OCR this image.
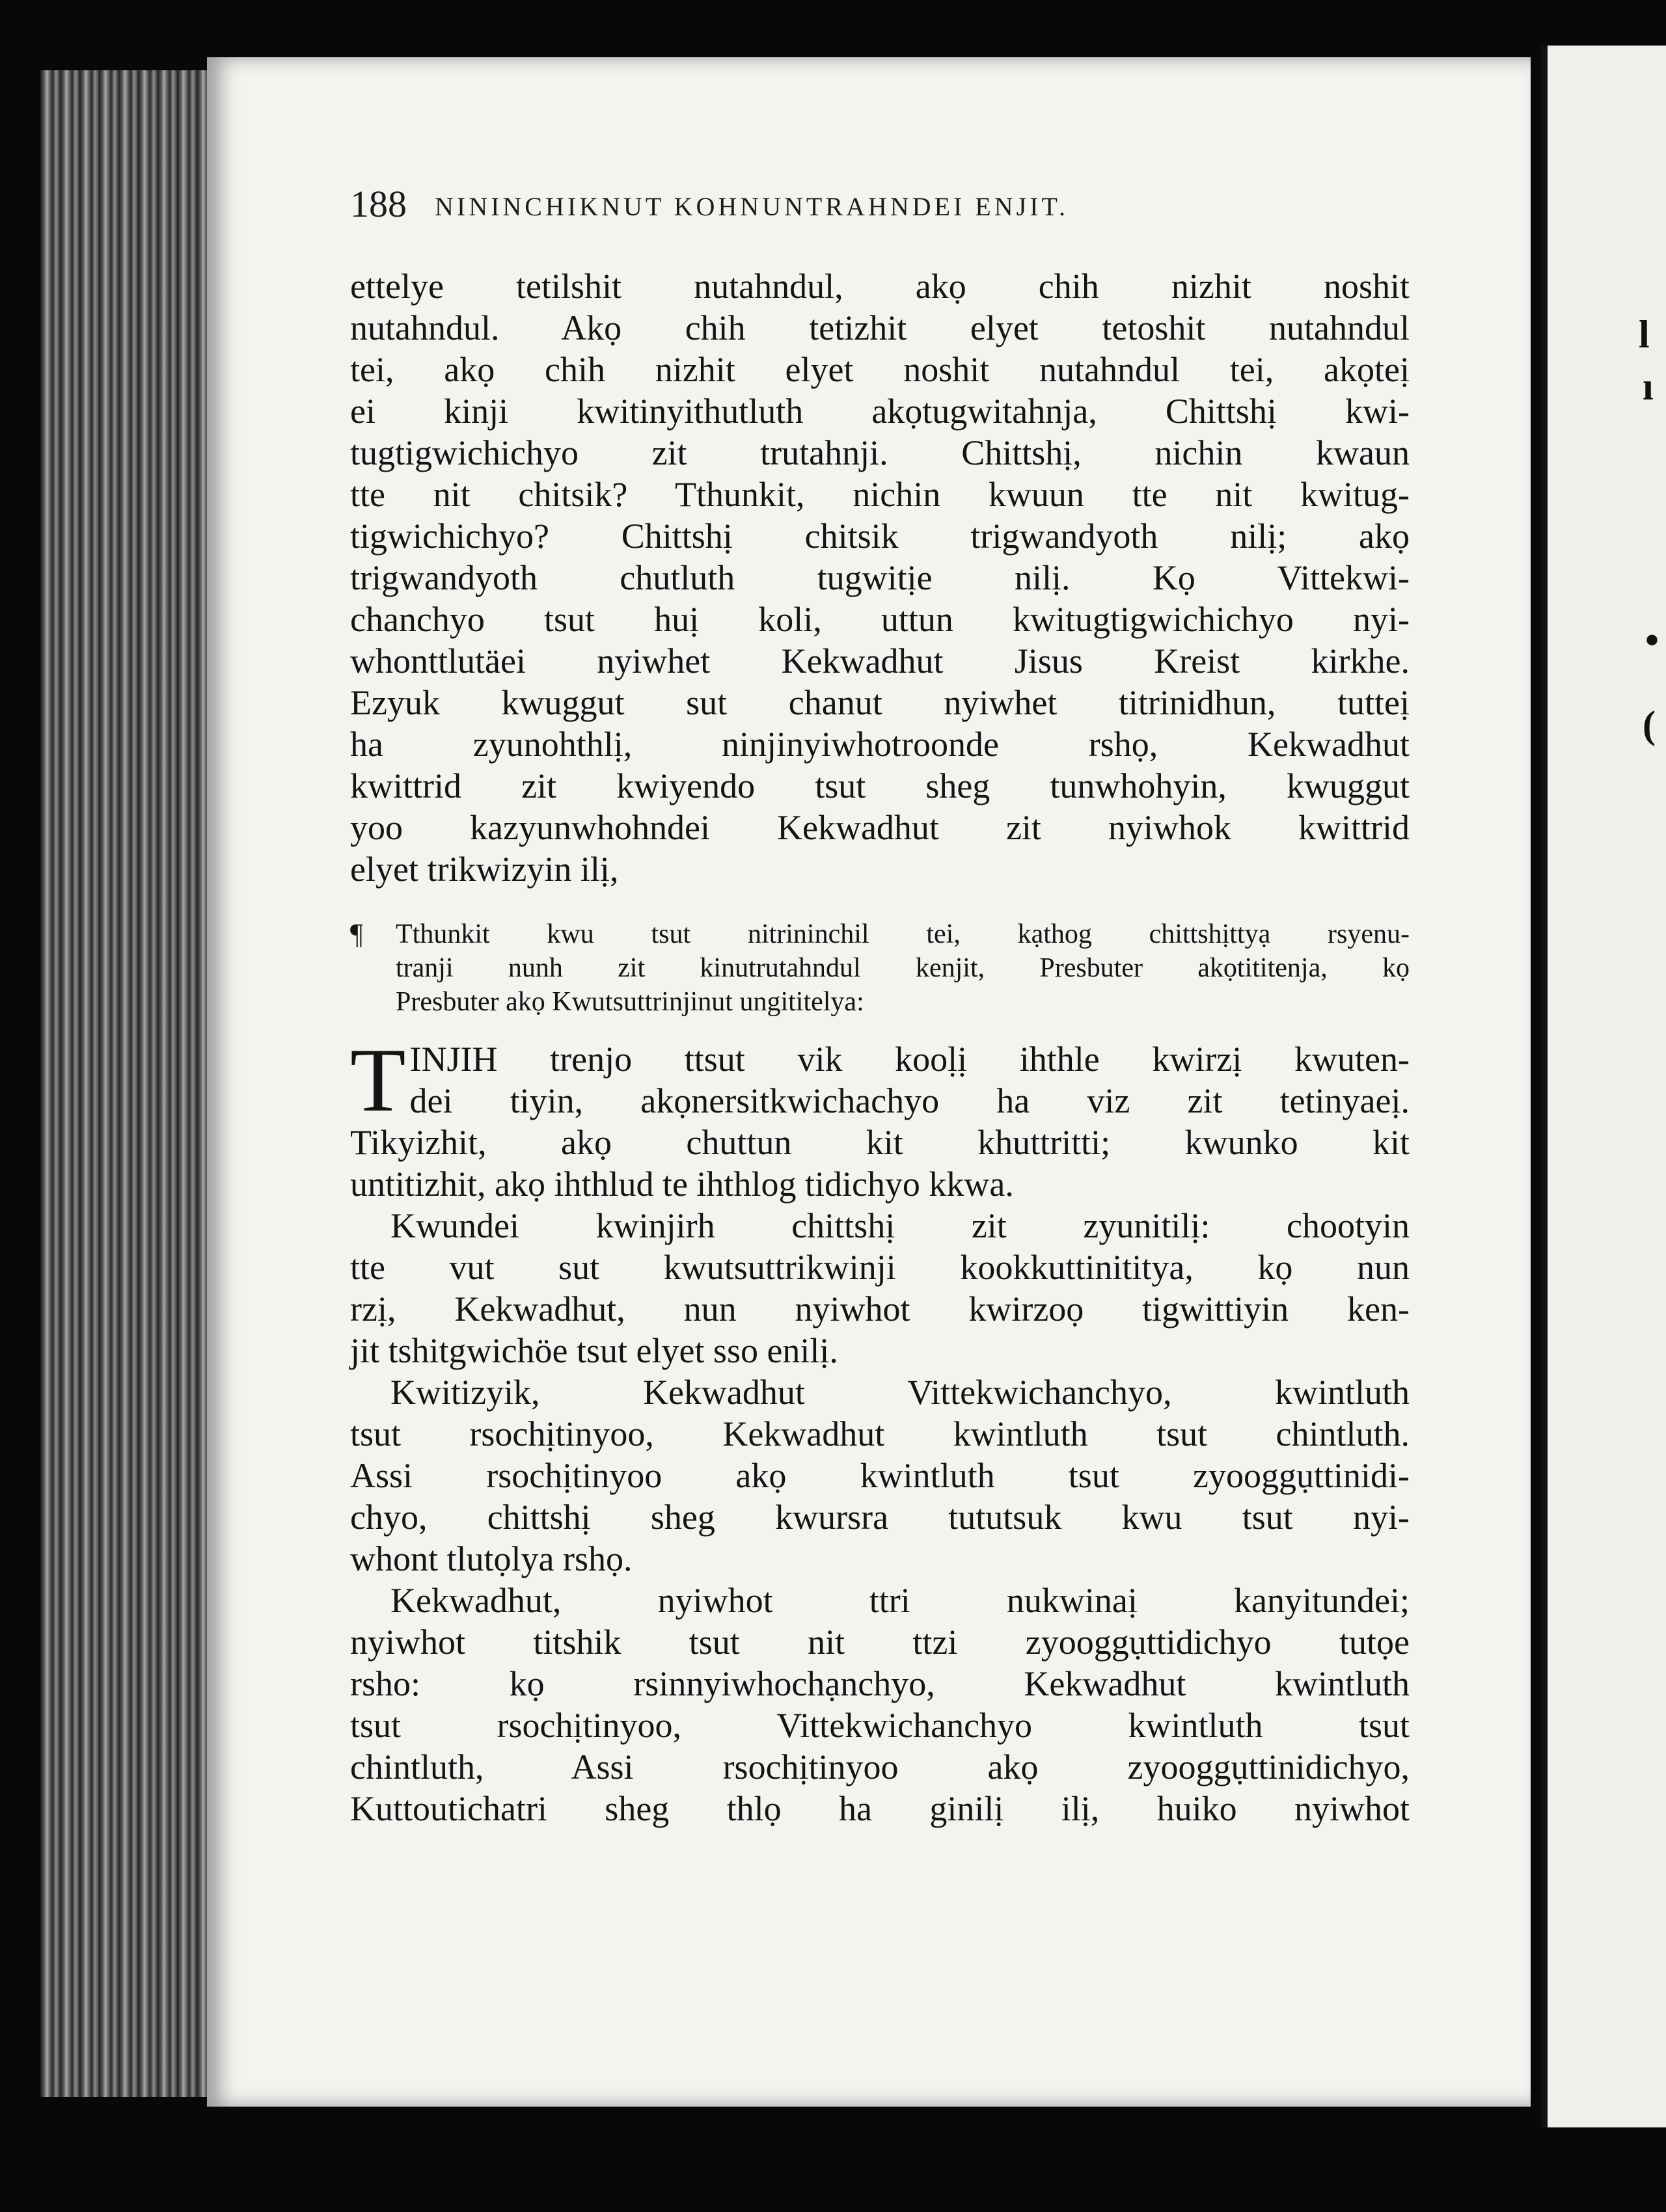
188 NININCHIKNUT KOHNUNTRAHNDEI ENJIT.
ettelye tetilshit nutahndul, akọ chih nizhit noshit
nutahndul. Akọ chih tetizhit elyet tetoshit nutahndul
tei, akọ chih nizhit elyet noshit nutahndul tei, akọteị
ei kinji kwitinyithutluth akọtugwitahnja, Chittshị kwi-
tugtigwichichyo zit trutahnji. Chittshị, nichin kwaun
tte nit chitsik? Tthunkit, nichin kwuun tte nit kwitug-
tigwichichyo? Chittshị chitsik trigwandyoth nilị; akọ
trigwandyoth chutluth tugwitịe nilị. Kọ Vittekwi-
chanchyo tsut huị koli, uttun kwitugtigwichichyo nyi-
whonttlutäei nyiwhet Kekwadhut Jisus Kreist kirkhe.
Ezyuk kwuggut sut chanut nyiwhet titrinidhun, tutteị
ha zyunohthlị, ninjinyiwhotroonde rshọ, Kekwadhut
kwittrid zit kwiyendo tsut sheg tunwhohyin, kwuggut
yoo kazyunwhohndei Kekwadhut zit nyiwhok kwittrid
elyet trikwizyin ilị,
¶ Tthunkit kwu tsut nitrininchil tei, kạthog chittshịttyạ rsyenu-
tranji nunh zit kinutrutahndul kenjit, Presbuter akọtititenja, kọ
Presbuter akọ Kwutsuttrinjinut ungititelya:
T INJIH trenjo ttsut vik kooḷị ihthle kwirzị kwuten-
dei tiyin, akọnersitkwichachyo ha viz zit tetinyaeị.
Tikyizhit, akọ chuttun kit khuttritti; kwunko kit
untitizhit, akọ ihthlud te ihthlog tidichyo kkwa.
Kwundei kwinjirh chittshị zit zyunitilị: chootyin
tte vut sut kwutsuttrikwinji kookkuttinititya, kọ nun
rzị, Kekwadhut, nun nyiwhot kwirzoọ tigwittiyin ken-
jit tshitgwichöe tsut elyet sso enilị.
Kwitizyik, Kekwadhut Vittekwichanchyo, kwintluth
tsut rsochịtinyoo, Kekwadhut kwintluth tsut chintluth.
Assi rsochịtinyoo akọ kwintluth tsut zyooggụttinidi-
chyo, chittshị sheg kwursra tututsuk kwu tsut nyi-
whont tlutọlya rshọ.
Kekwadhut, nyiwhot ttri nukwinaị kanyitundei;
nyiwhot titshik tsut nit ttzi zyooggụttidichyo tutọe
rsho: kọ rsinnyiwhochạnchyo, Kekwadhut kwintluth
tsut rsochịtinyoo, Vittekwichanchyo kwintluth tsut
chintluth, Assi rsochịtinyoo akọ zyooggụttinidichyo,
Kuttoutichatri sheg thlọ ha ginilị ilị, huiko nyiwhot
l
ı
•
(
